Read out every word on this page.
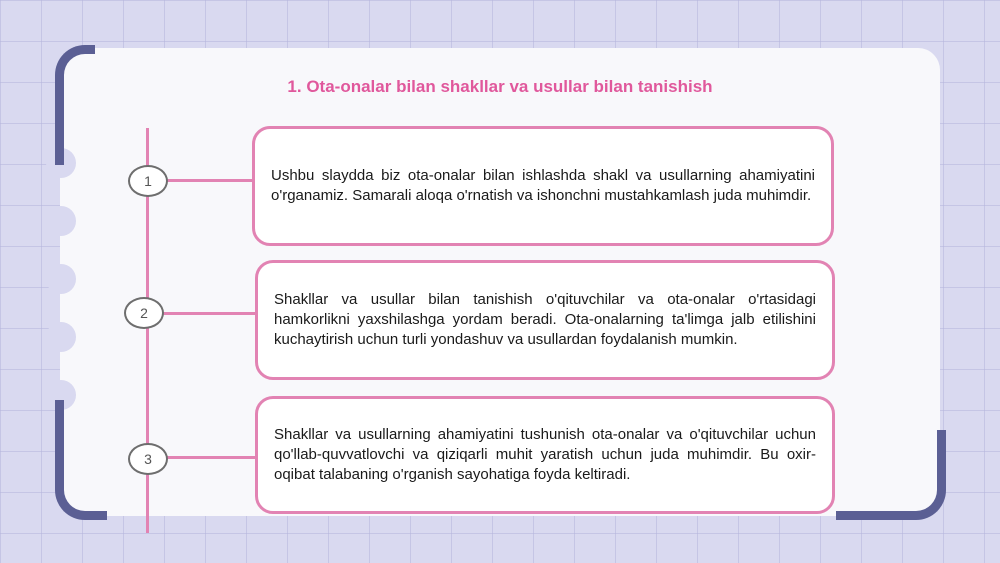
1. Ota-onalar bilan shakllar va usullar bilan tanishish
1
2
3

Ushbu slaydda biz ota-onalar bilan ishlashda shakl va usullarning ahamiyatini o'rganamiz. Samarali aloqa o'rnatish va ishonchni mustahkamlash juda muhimdir.

Shakllar va usullar bilan tanishish o'qituvchilar va ota-onalar o'rtasidagi hamkorlikni yaxshilashga yordam beradi. Ota-onalarning ta'limga jalb etilishini kuchaytirish uchun turli yondashuv va usullardan foydalanish mumkin.

Shakllar va usullarning ahamiyatini tushunish ota-onalar va o'qituvchilar uchun qo'llab-quvvatlovchi va qiziqarli muhit yaratish uchun juda muhimdir. Bu oxir-oqibat talabaning o'rganish sayohatiga foyda keltiradi.
